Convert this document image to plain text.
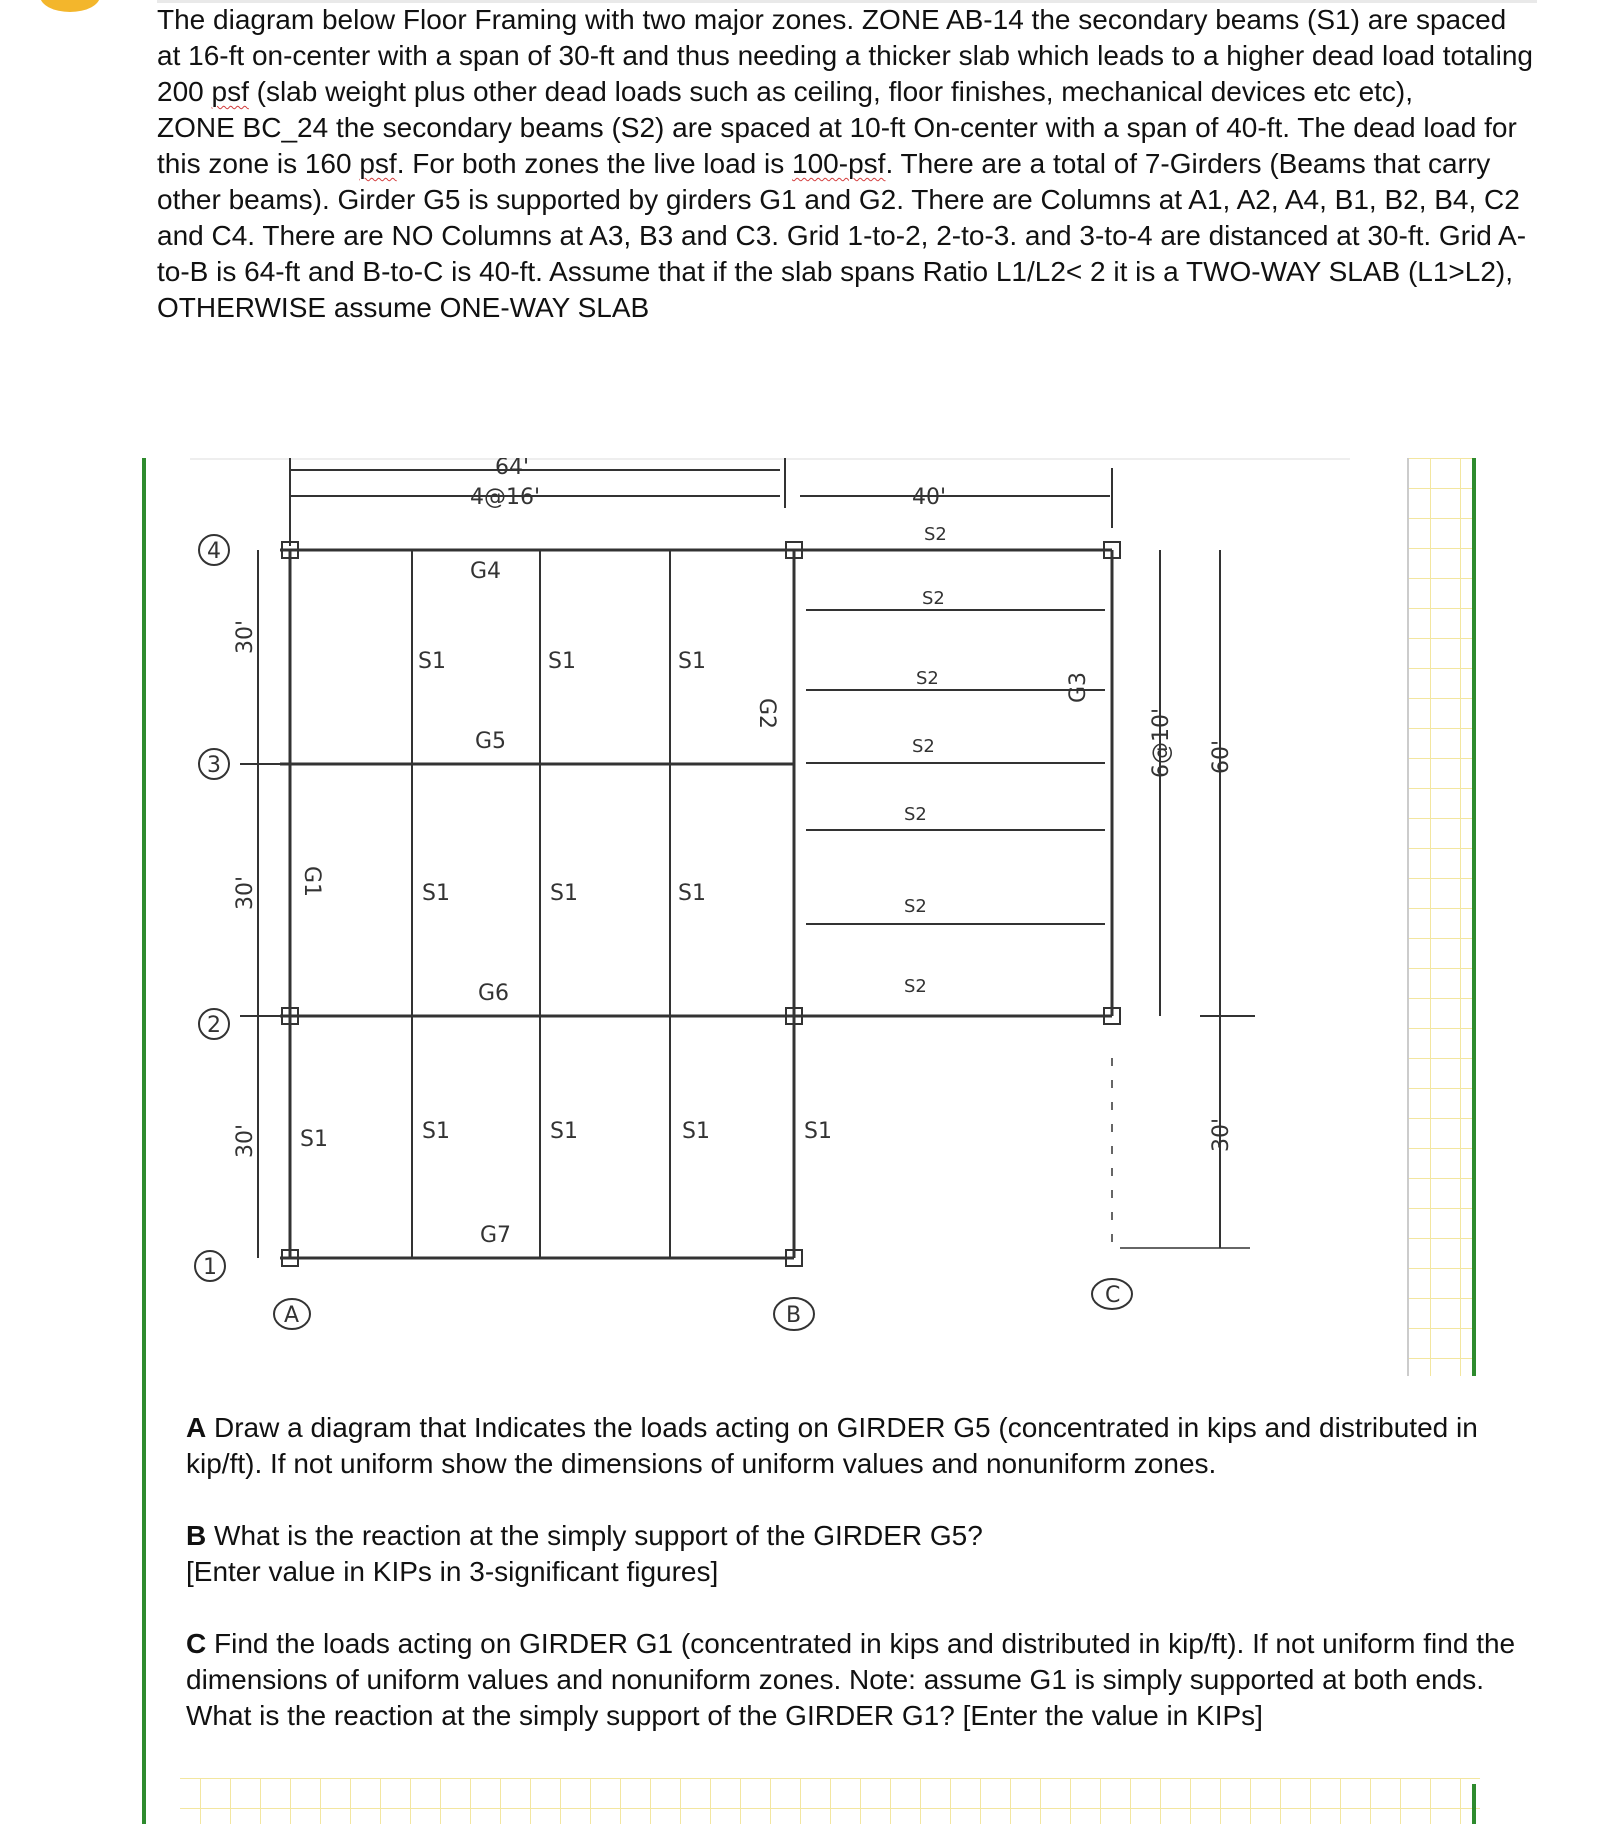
The diagram below Floor Framing with two major zones. ZONE AB-14 the secondary beams (S1) are spaced at 16-ft on-center with a span of 30-ft and thus needing a thicker slab which leads to a higher dead load totaling 200 psf (slab weight plus other dead loads such as ceiling, floor finishes, mechanical devices etc etc),

ZONE BC_24 the secondary beams (S2) are spaced at 10-ft On-center with a span of 40-ft. The dead load for this zone is 160 psf. For both zones the live load is 100-psf. There are a total of 7-Girders (Beams that carry other beams). Girder G5 is supported by girders G1 and G2. There are Columns at A1, A2, A4, B1, B2, B4, C2 and C4. There are NO Columns at A3, B3 and C3. Grid 1-to-2, 2-to-3. and 3-to-4 are distanced at 30-ft. Grid A-to-B is 64-ft and B-to-C is 40-ft. Assume that if the slab spans Ratio L1/L2< 2 it is a TWO-WAY SLAB (L1>L2), OTHERWISE assume ONE-WAY SLAB

64'
4@16'	40'
30'
30'
30'
6@10' 60'
30'
4
3
2
1
A	B
C
G1
G2
G3
G4
G5
G6
G7
S1	S1	S1
S1	S1	S1
S1	S1	S1	S1	S1
S2
S2
S2
S2
S2
S2
S2

A Draw a diagram that Indicates the loads acting on GIRDER G5 (concentrated in kips and distributed in kip/ft). If not uniform show the dimensions of uniform values and nonuniform zones.

B What is the reaction at the simply support of the GIRDER G5?
[Enter value in KIPs in 3-significant figures]

C Find the loads acting on GIRDER G1 (concentrated in kips and distributed in kip/ft). If not uniform find the dimensions of uniform values and nonuniform zones. Note: assume G1 is simply supported at both ends. What is the reaction at the simply support of the GIRDER G1? [Enter the value in KIPs]
